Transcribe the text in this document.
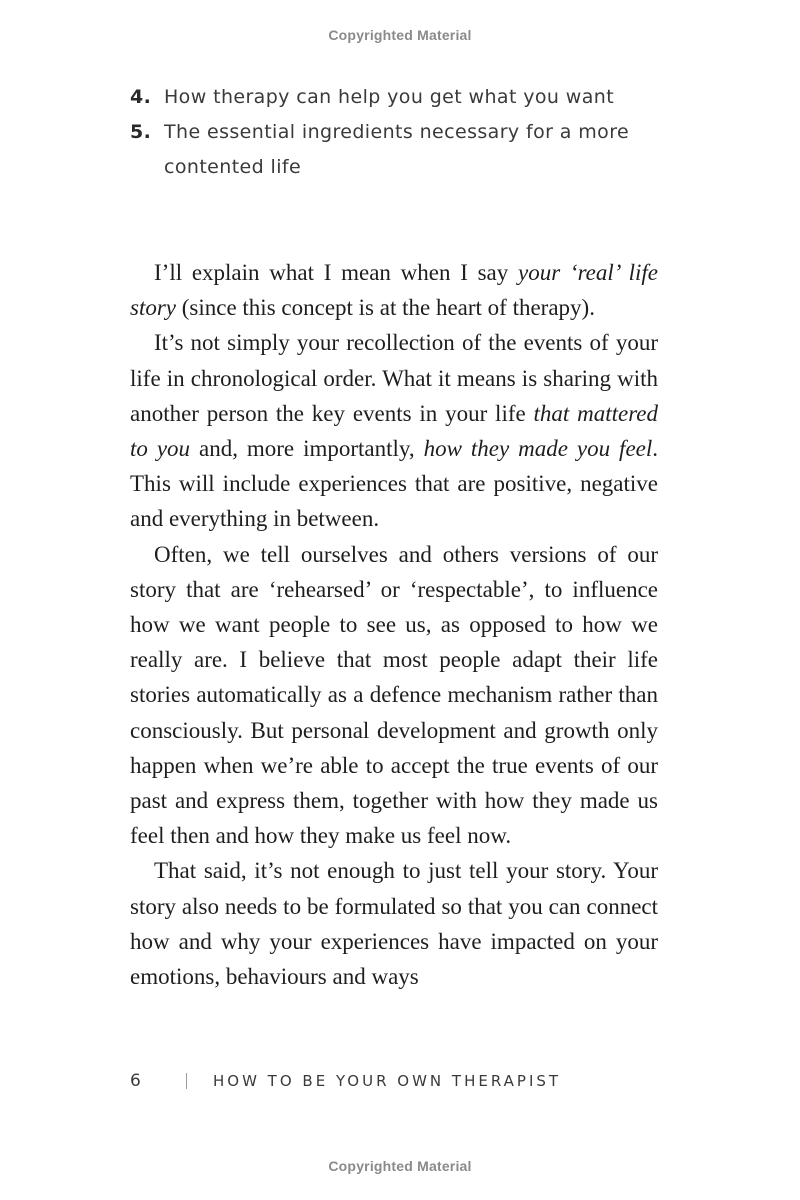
Copyrighted Material
4. How therapy can help you get what you want
5. The essential ingredients necessary for a more contented life

I’ll explain what I mean when I say your ‘real’ life story (since this concept is at the heart of therapy).

It’s not simply your recollection of the events of your life in chronological order. What it means is sharing with another person the key events in your life that mattered to you and, more importantly, how they made you feel. This will include experiences that are positive, negative and everything in between.

Often, we tell ourselves and others versions of our story that are ‘rehearsed’ or ‘respectable’, to influence how we want people to see us, as opposed to how we really are. I believe that most people adapt their life stories automatically as a defence mechanism rather than consciously. But personal development and growth only happen when we’re able to accept the true events of our past and express them, together with how they made us feel then and how they make us feel now.

That said, it’s not enough to just tell your story. Your story also needs to be formulated so that you can connect how and why your experiences have impacted on your emotions, behaviours and ways

6	HOW TO BE YOUR OWN THERAPIST
Copyrighted Material
